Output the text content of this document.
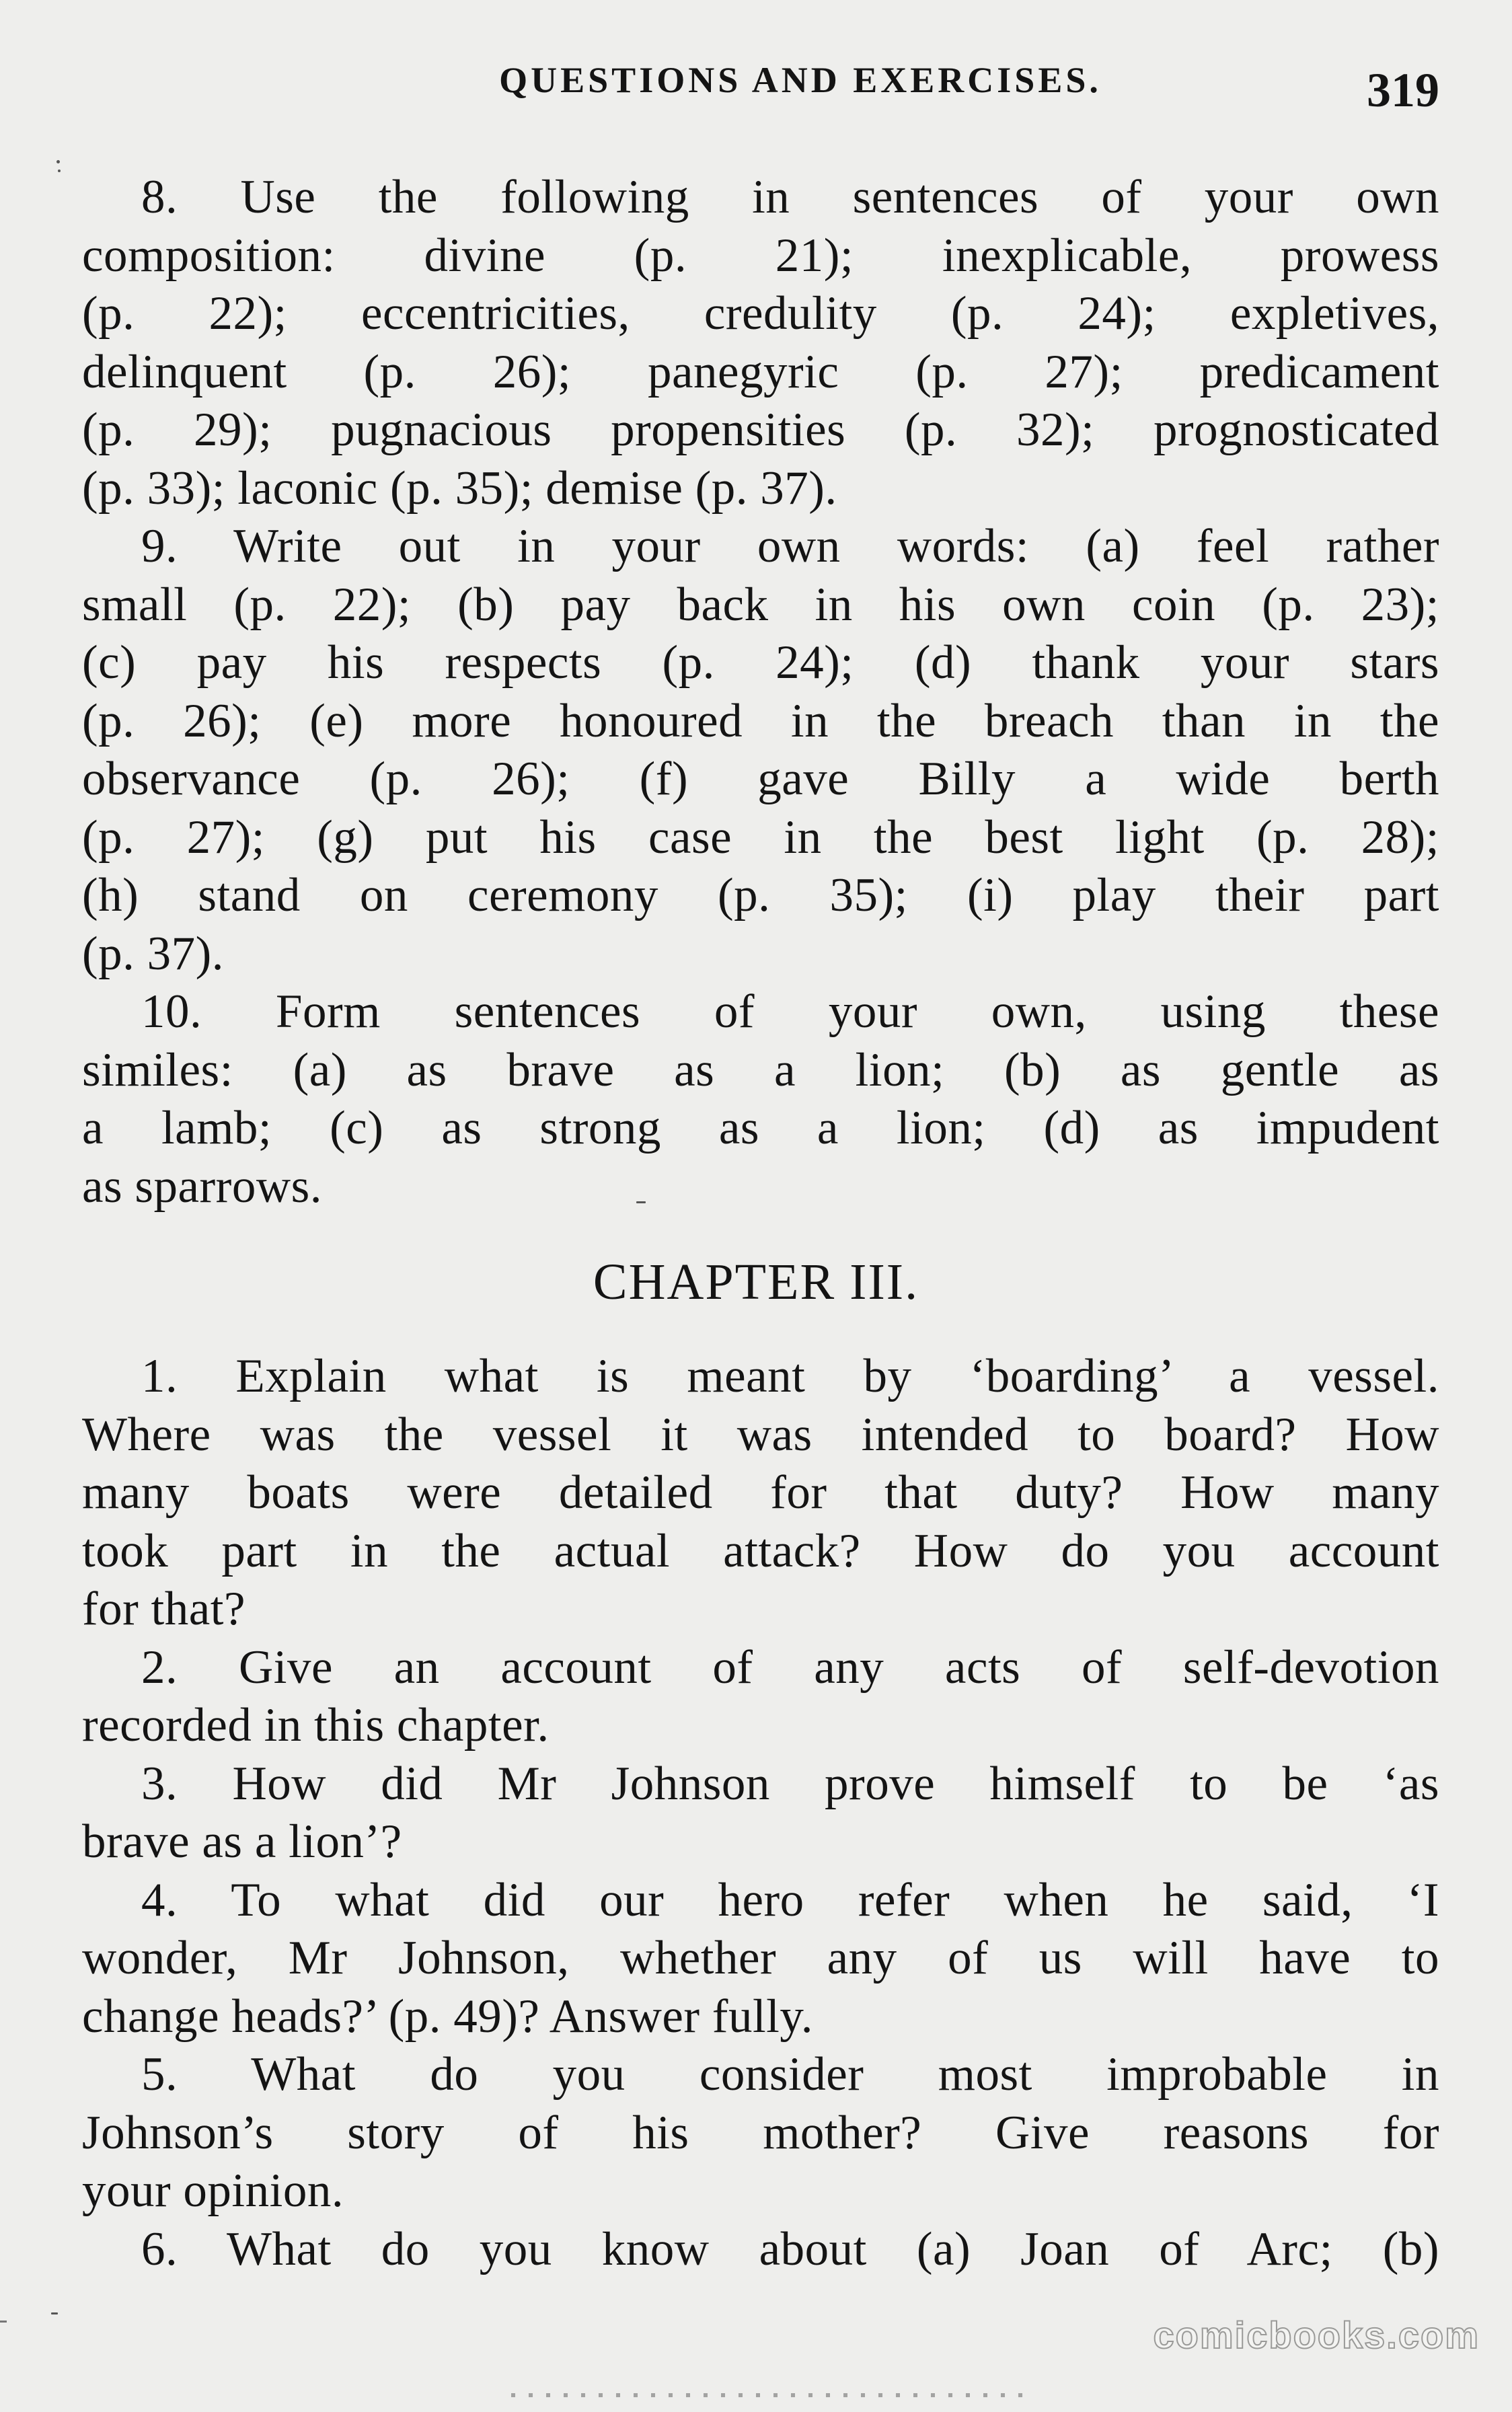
QUESTIONS AND EXERCISES.	319
8. Use the following in sentences of your own
composition: divine (p. 21); inexplicable, prowess
(p. 22); eccentricities, credulity (p. 24); expletives,
delinquent (p. 26); panegyric (p. 27); predicament
(p. 29); pugnacious propensities (p. 32); prognosticated
(p. 33); laconic (p. 35); demise (p. 37).
9. Write out in your own words: (a) feel rather
small (p. 22); (b) pay back in his own coin (p. 23);
(c) pay his respects (p. 24); (d) thank your stars
(p. 26); (e) more honoured in the breach than in the
observance (p. 26); (f) gave Billy a wide berth
(p. 27); (g) put his case in the best light (p. 28);
(h) stand on ceremony (p. 35); (i) play their part
(p. 37).
10. Form sentences of your own, using these
similes: (a) as brave as a lion; (b) as gentle as
a lamb; (c) as strong as a lion; (d) as impudent
as sparrows.
CHAPTER III.
1. Explain what is meant by ‘boarding’ a vessel.
Where was the vessel it was intended to board? How
many boats were detailed for that duty? How many
took part in the actual attack? How do you account
for that?
2. Give an account of any acts of self-devotion
recorded in this chapter.
3. How did Mr Johnson prove himself to be ‘as
brave as a lion’?
4. To what did our hero refer when he said, ‘I
wonder, Mr Johnson, whether any of us will have to
change heads?’ (p. 49)? Answer fully.
5. What do you consider most improbable in
Johnson’s story of his mother? Give reasons for
your opinion.
6. What do you know about (a) Joan of Arc; (b)
comicbooks.com
